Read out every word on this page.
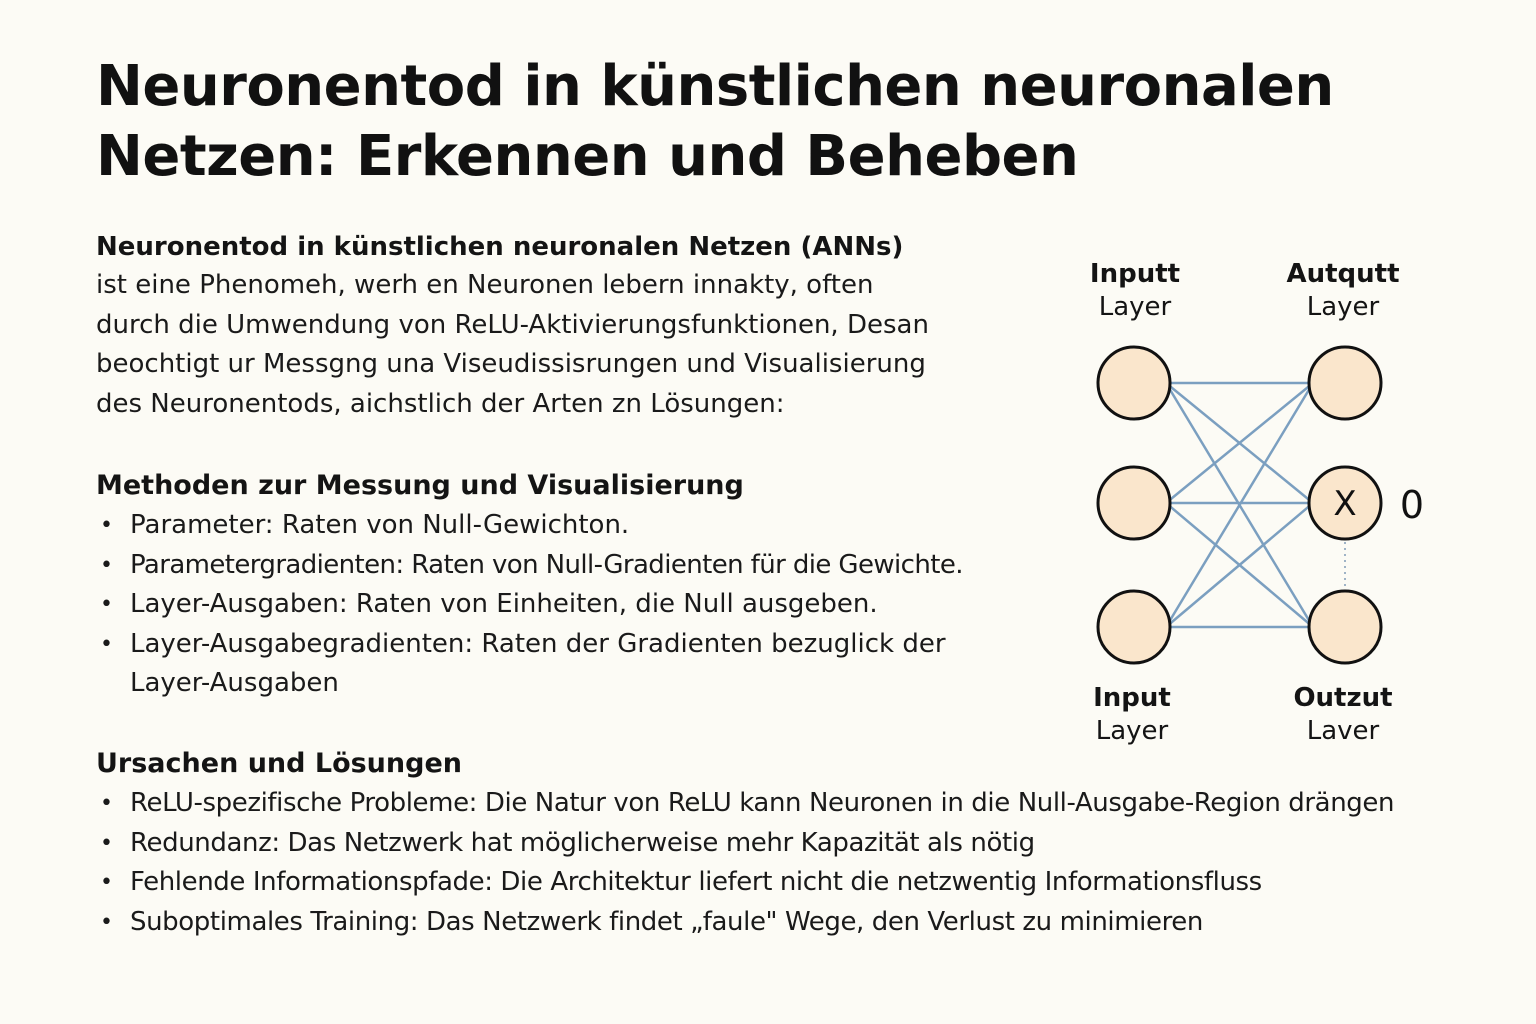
Neuronentod in künstlichen neuronalen
Netzen: Erkennen und Beheben
Neuronentod in künstlichen neuronalen Netzen (ANNs)
ist eine Phenomeh, werh en Neuronen lebern innakty, often
durch die Umwendung von ReLU-Aktivierungsfunktionen, Desan
beochtigt ur Messgng una Viseudissisrungen und Visualisierung
des Neuronentods, aichstlich der Arten zn Lösungen:
Methoden zur Messung und Visualisierung
• Parameter: Raten von Null-Gewichton.
• Parametergradienten: Raten von Null-Gradienten für die Gewichte.
• Layer-Ausgaben: Raten von Einheiten, die Null ausgeben.
• Layer-Ausgabegradienten: Raten der Gradienten bezuglick der
Layer-Ausgaben
Ursachen und Lösungen
• ReLU-spezifische Probleme: Die Natur von ReLU kann Neuronen in die Null-Ausgabe-Region drängen
• Redundanz: Das Netzwerk hat möglicherweise mehr Kapazität als nötig
• Fehlende Informationspfade: Die Architektur liefert nicht die netzwentig Informationsfluss
• Suboptimales Training: Das Netzwerk findet „faule" Wege, den Verlust zu minimieren
Inputt
Layer
Autqutt
Layer
Input
Layer
Outzut
Laver
X 0
